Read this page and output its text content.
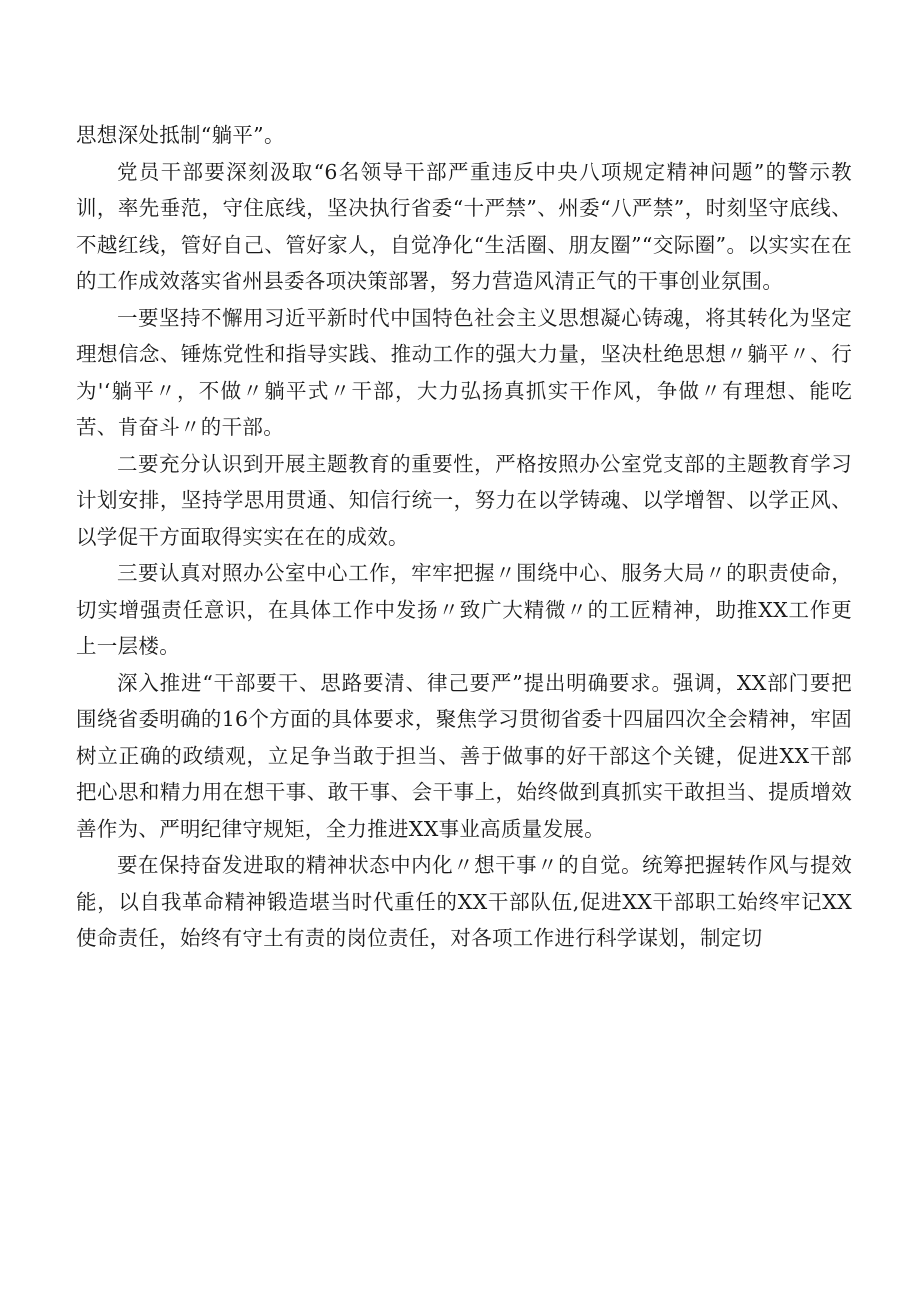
思想深处抵制“躺平”。

党员干部要深刻汲取“6名领导干部严重违反中央八项规定精神问题”的警示教训，率先垂范，守住底线，坚决执行省委“十严禁”、州委“八严禁”，时刻坚守底线、不越红线，管好自己、管好家人，自觉净化“生活圈、朋友圈”“交际圈”。以实实在在的工作成效落实省州县委各项决策部署，努力营造风清正气的干事创业氛围。

一要坚持不懈用习近平新时代中国特色社会主义思想凝心铸魂，将其转化为坚定理想信念、锤炼党性和指导实践、推动工作的强大力量，坚决杜绝思想〃躺平〃、行为'‘躺平〃，不做〃躺平式〃干部，大力弘扬真抓实干作风，争做〃有理想、能吃苦、肯奋斗〃的干部。

二要充分认识到开展主题教育的重要性，严格按照办公室党支部的主题教育学习计划安排，坚持学思用贯通、知信行统一，努力在以学铸魂、以学增智、以学正风、以学促干方面取得实实在在的成效。

三要认真对照办公室中心工作，牢牢把握〃围绕中心、服务大局〃的职责使命，切实增强责任意识，在具体工作中发扬〃致广大精微〃的工匠精神，助推XX工作更上一层楼。

深入推进“干部要干、思路要清、律己要严”提出明确要求。强调，XX部门要把围绕省委明确的16个方面的具体要求，聚焦学习贯彻省委十四届四次全会精神，牢固树立正确的政绩观，立足争当敢于担当、善于做事的好干部这个关键，促进XX干部把心思和精力用在想干事、敢干事、会干事上，始终做到真抓实干敢担当、提质增效善作为、严明纪律守规矩，全力推进XX事业高质量发展。

要在保持奋发进取的精神状态中内化〃想干事〃的自觉。统筹把握转作风与提效能，以自我革命精神锻造堪当时代重任的XX干部队伍,促进XX干部职工始终牢记XX使命责任，始终有守土有责的岗位责任，对各项工作进行科学谋划，制定切
